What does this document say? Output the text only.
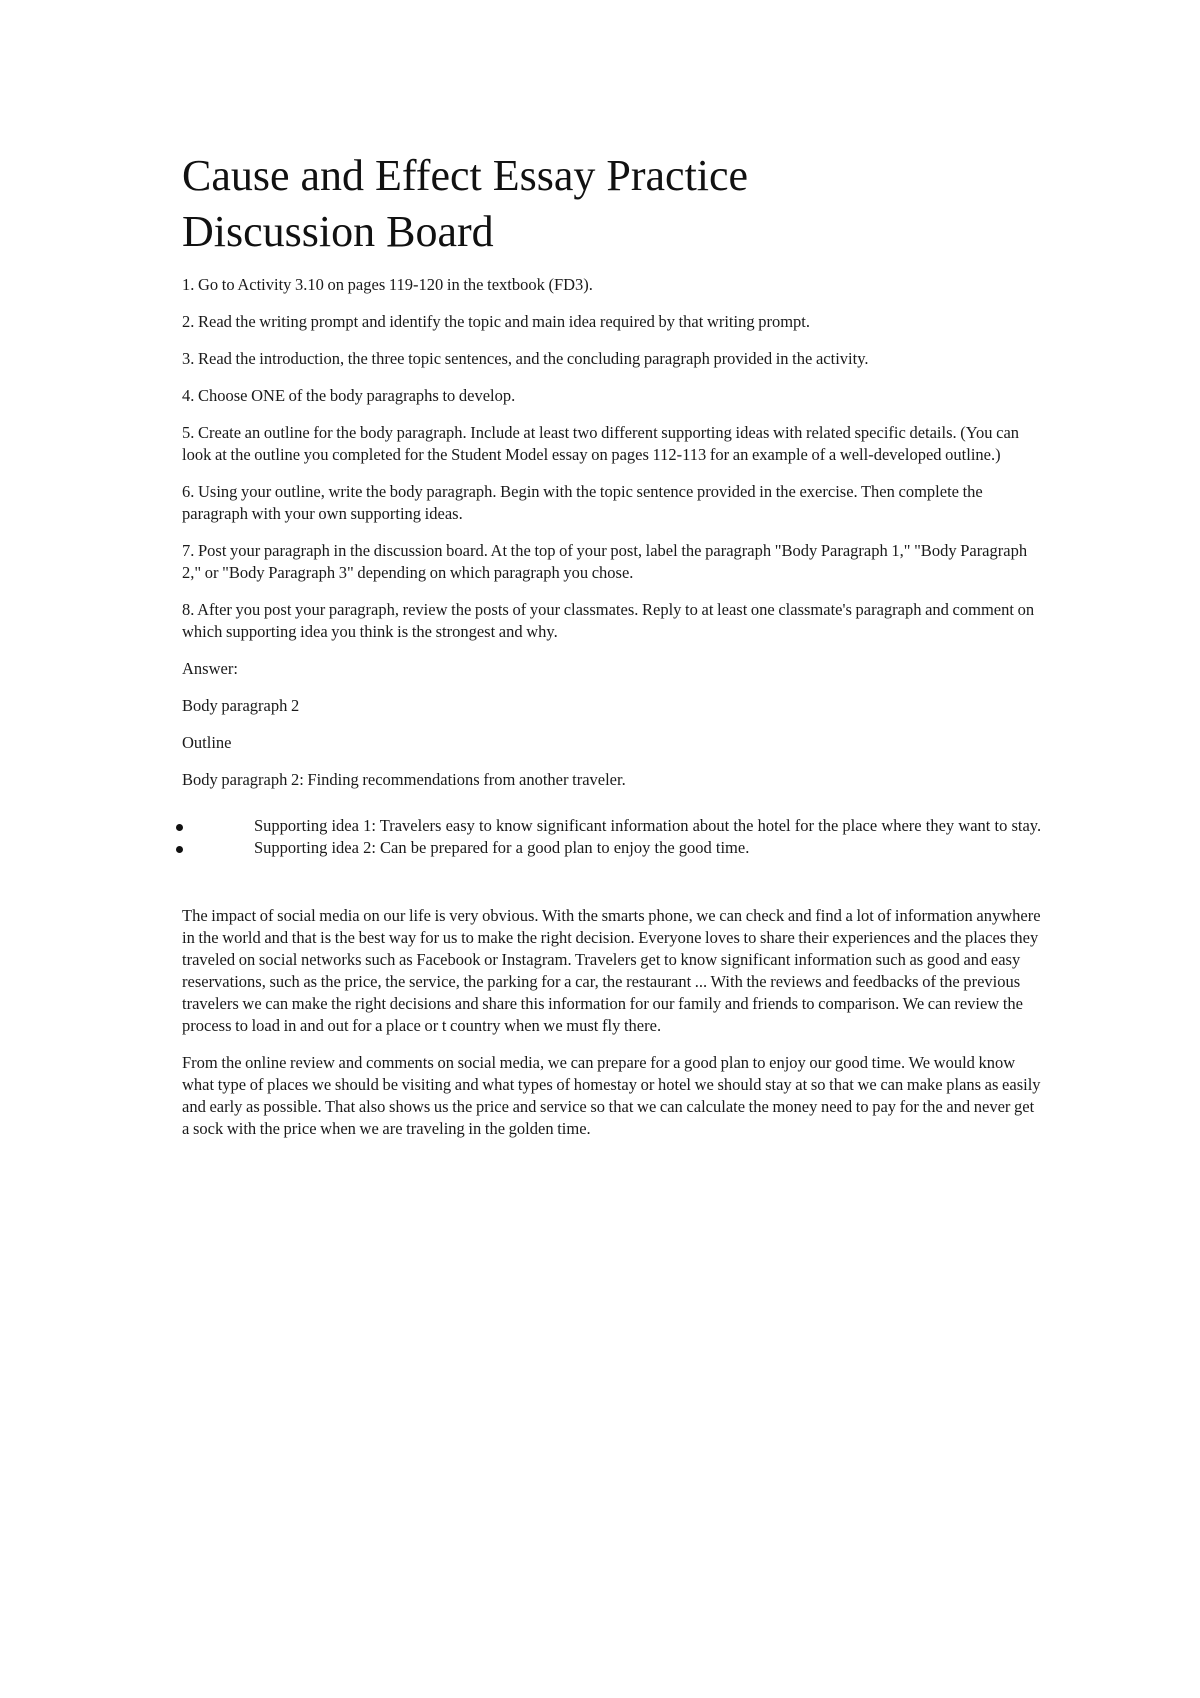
Cause and Effect Essay Practice
Discussion Board

1. Go to Activity 3.10 on pages 119-120 in the textbook (FD3).

2. Read the writing prompt and identify the topic and main idea required by that writing prompt.

3. Read the introduction, the three topic sentences, and the concluding paragraph provided in the activity.

4. Choose ONE of the body paragraphs to develop.

5. Create an outline for the body paragraph. Include at least two different supporting ideas with related specific details. (You can look at the outline you completed for the Student Model essay on pages 112-113 for an example of a well-developed outline.)

6. Using your outline, write the body paragraph. Begin with the topic sentence provided in the exercise. Then complete the paragraph with your own supporting ideas.

7. Post your paragraph in the discussion board. At the top of your post, label the paragraph "Body Paragraph 1," "Body Paragraph 2," or "Body Paragraph 3" depending on which paragraph you chose.

8. After you post your paragraph, review the posts of your classmates. Reply to at least one classmate's paragraph and comment on which supporting idea you think is the strongest and why.

Answer:

Body paragraph 2

Outline

Body paragraph 2: Finding recommendations from another traveler.

Supporting idea 1: Travelers easy to know significant information about the hotel for the place where they want to stay.
Supporting idea 2: Can be prepared for a good plan to enjoy the good time.

The impact of social media on our life is very obvious. With the smarts phone, we can check and find a lot of information anywhere in the world and that is the best way for us to make the right decision. Everyone loves to share their experiences and the places they traveled on social networks such as Facebook or Instagram. Travelers get to know significant information such as good and easy reservations, such as the price, the service, the parking for a car, the restaurant ... With the reviews and feedbacks of the previous travelers we can make the right decisions and share this information for our family and friends to comparison. We can review the process to load in and out for a place or t country when we must fly there.

From the online review and comments on social media, we can prepare for a good plan to enjoy our good time. We would know what type of places we should be visiting and what types of homestay or hotel we should stay at so that we can make plans as easily and early as possible. That also shows us the price and service so that we can calculate the money need to pay for the and never get a sock with the price when we are traveling in the golden time.
